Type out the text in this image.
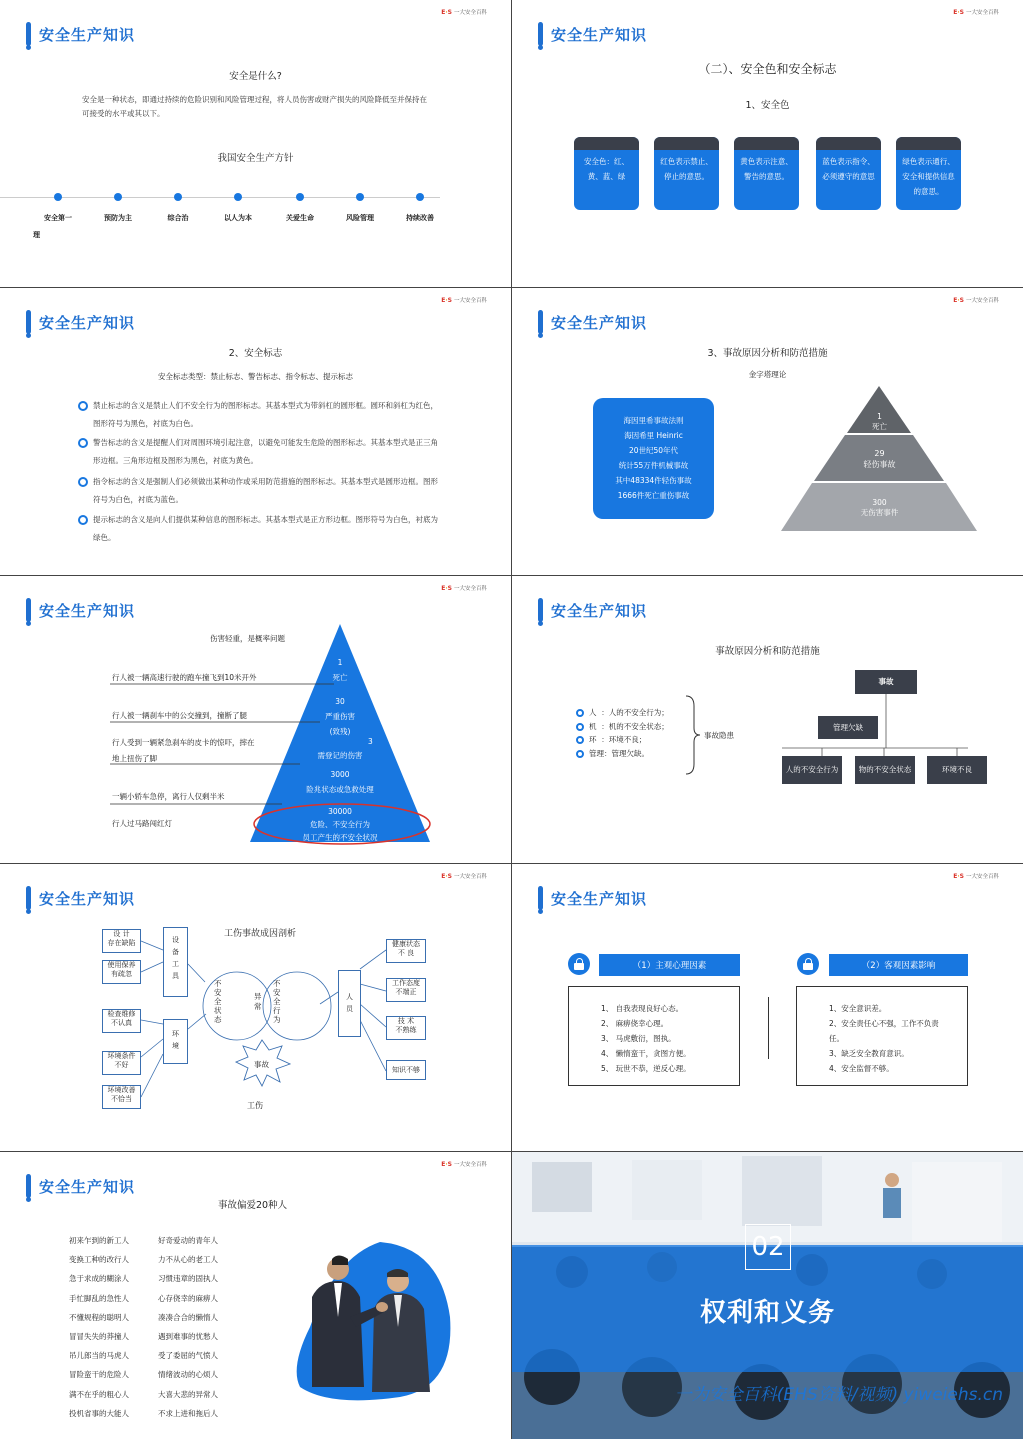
安全生产知识
E·S 一大安全百科
安全是什么?
安全是一种状态，即通过持续的危险识别和风险管理过程，将人员伤害或财产损失的风险降低至并保持在可接受的水平或其以下。
我国安全生产方针
安全第一	预防为主	综合治	以人为本	关爱生命	风险管理	持续改善
理
安全生产知识
E·S 一大安全百科
（二）、安全色和安全标志
1、安全色
安全色：红、黄、蓝、绿
红色表示禁止、停止的意思。
黄色表示注意、警告的意思。
蓝色表示指令、必须遵守的意思
绿色表示通行、安全和提供信息的意思。
安全生产知识
E·S 一大安全百科
2、安全标志
安全标志类型：禁止标志、警告标志、指令标志、提示标志
禁止标志的含义是禁止人们不安全行为的图形标志。其基本型式为带斜杠的圆形框。圆环和斜杠为红色，图形符号为黑色，衬底为白色。
警告标志的含义是提醒人们对周围环境引起注意，以避免可能发生危险的图形标志。其基本型式是正三角形边框。三角形边框及图形为黑色，衬底为黄色。
指令标志的含义是强制人们必须做出某种动作或采用防范措施的图形标志。其基本型式是圆形边框。图形符号为白色，衬底为蓝色。
提示标志的含义是向人们提供某种信息的图形标志。其基本型式是正方形边框。图形符号为白色，衬底为绿色。
安全生产知识
E·S 一大安全百科
3、事故原因分析和防范措施
金字塔理论
海因里希事故法则
海因希里 Heinric
20世纪50年代
统计55万件机械事故
其中48334件轻伤事故
1666件死亡重伤事故
1
死亡
29
轻伤事故
300
无伤害事件
安全生产知识
E·S 一大安全百科
伤害轻重，是概率问题
行人被一辆高速行驶的跑车撞飞到10米开外
行人被一辆刹车中的公交撞到，撞断了腿
行人受到一辆紧急刹车的皮卡的惊吓，摔在
地上扭伤了脚
一辆小轿车急停，离行人仅剩半米
行人过马路闯红灯
1
死亡
30
严重伤害
(致残)
3
需登记的伤害
3000
险兆状态或急救处理
30000
危险、不安全行为
员工产生的不安全状况
安全生产知识
事故原因分析和防范措施
人 ：人的不安全行为；
机 ：机的不安全状态；
环 ：环境不良；
管理：管理欠缺。
事故隐患
事故
管理欠缺
人的不安全行为	物的不安全状态	环境不良
安全生产知识
E·S 一大安全百科
工伤事故成因剖析
设 计
存在缺陷
使用保养
有疏忽
检查维修
不认真
环境条件
不好
环境改善
不恰当
设
备
工
具
环
境
不
安
全
状
态
异
常
不
安
全
行
为
人
员
健康状态
不 良
工作态度
不端正
技 术
不熟练
知识不够
事故
工伤
安全生产知识
E·S 一大安全百科
（1）主观心理因素	（2）客观因素影响
1、 自我表现良好心态。
2、 麻痹侥幸心理。
3、 马虎敷衍，图执。
4、 懒惰蛮干，贪图方便。
5、 玩世不恭，逆反心理。
1、安全意识差。
2、安全责任心不强，工作不负责任。
3、缺乏安全教育意识。
4、安全监督不够。
安全生产知识
E·S 一大安全百科
事故偏爱20种人
初来乍到的新工人
变换工种的改行人
急于求成的糊涂人
手忙脚乱的急性人
不懂规程的聪明人
冒冒失失的莽撞人
吊儿郎当的马虎人
冒险蛮干的危险人
满不在乎的粗心人
投机省事的大能人
好奇爱动的青年人
力不从心的老工人
习惯违章的固执人
心存侥幸的麻痹人
凑凑合合的懒惰人
遇到难事的忧愁人
受了委屈的气愤人
情绪波动的心烦人
大喜大悲的异常人
不求上进和拖后人
02
权利和义务
一为安全百科(EHS资料/视频) yiweiehs.cn
